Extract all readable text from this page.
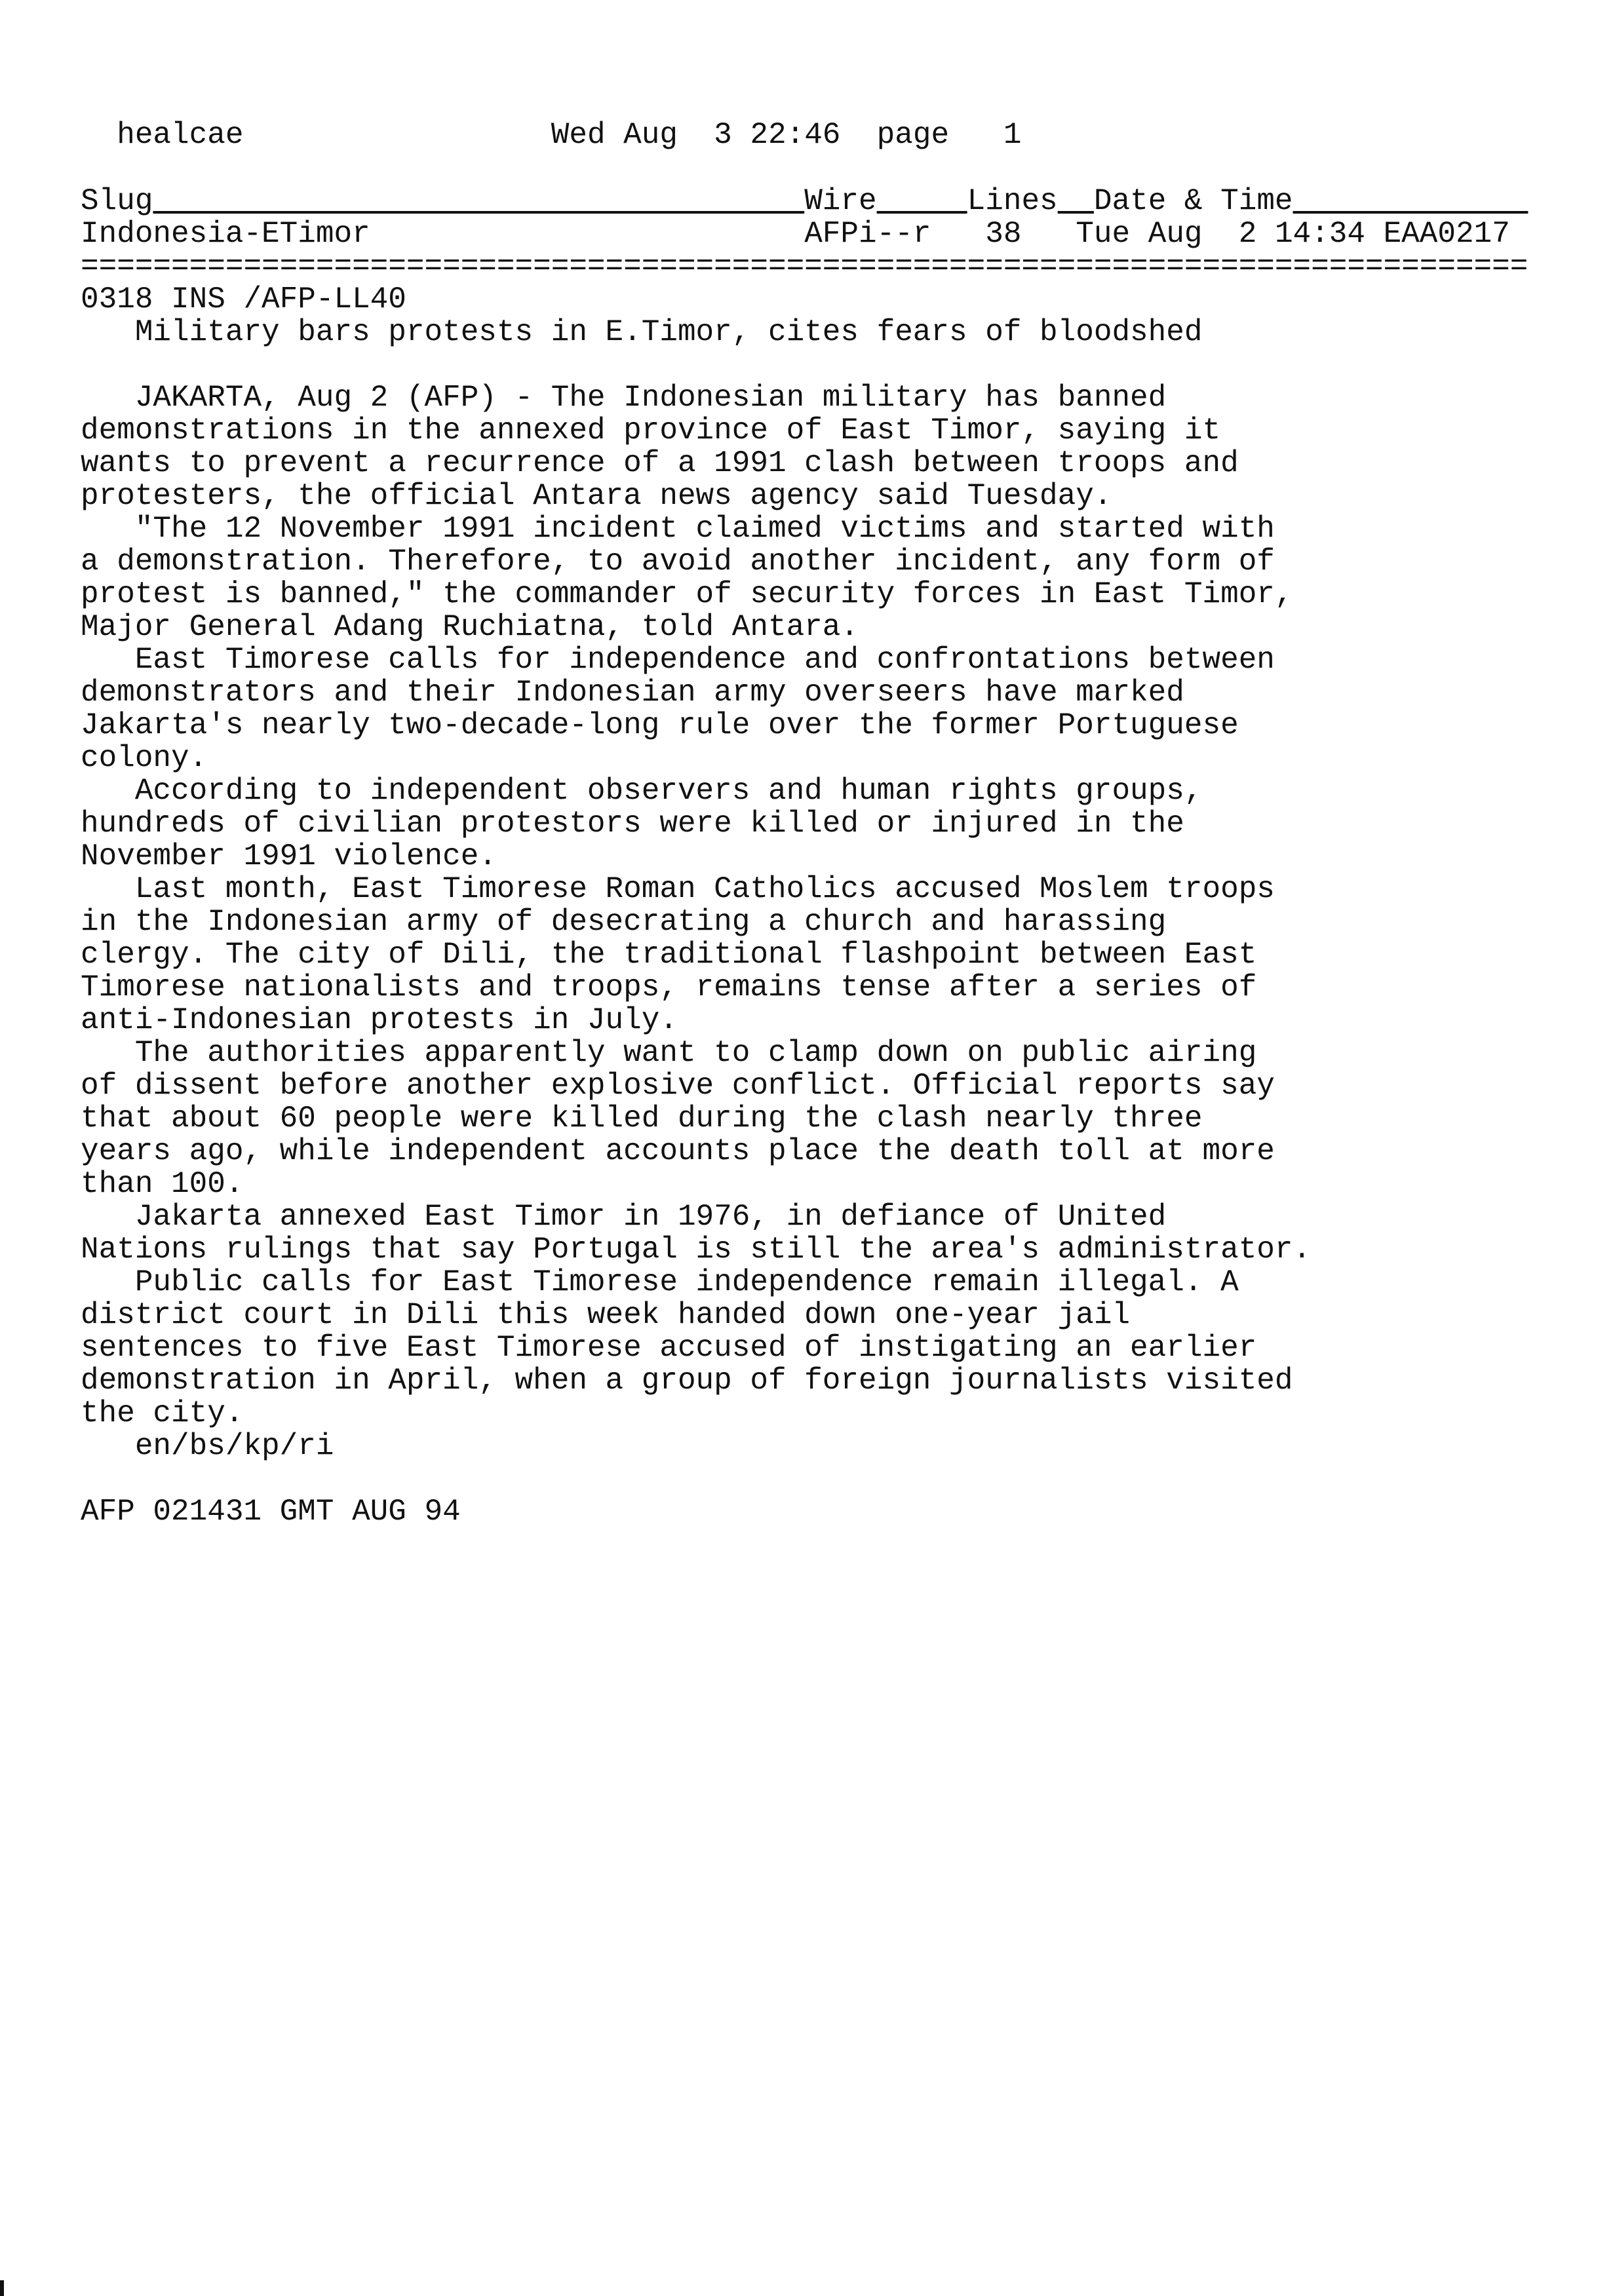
healcae	Wed Aug  3 22:46 page 1
Slug	Wire	Lines Date & Time
Indonesia-ETimor	AFPi--r 38 Tue Aug  2 14:34 EAA0217
================================================================================
0318 INS /AFP-LL40
Military bars protests in E.Timor, cites fears of bloodshed
JAKARTA, Aug 2 (AFP) - The Indonesian military has banned
demonstrations in the annexed province of East Timor, saying it
wants to prevent a recurrence of a 1991 clash between troops and
protesters, the official Antara news agency said Tuesday.
"The 12 November 1991 incident claimed victims and started with
a demonstration. Therefore, to avoid another incident, any form of
protest is banned," the commander of security forces in East Timor,
Major General Adang Ruchiatna, told Antara.
East Timorese calls for independence and confrontations between
demonstrators and their Indonesian army overseers have marked
Jakarta's nearly two-decade-long rule over the former Portuguese
colony.
According to independent observers and human rights groups,
hundreds of civilian protestors were killed or injured in the
November 1991 violence.
Last month, East Timorese Roman Catholics accused Moslem troops
in the Indonesian army of desecrating a church and harassing
clergy. The city of Dili, the traditional flashpoint between East
Timorese nationalists and troops, remains tense after a series of
anti-Indonesian protests in July.
The authorities apparently want to clamp down on public airing
of dissent before another explosive conflict. Official reports say
that about 60 people were killed during the clash nearly three
years ago, while independent accounts place the death toll at more
than 100.
Jakarta annexed East Timor in 1976, in defiance of United
Nations rulings that say Portugal is still the area's administrator.
Public calls for East Timorese independence remain illegal. A
district court in Dili this week handed down one-year jail
sentences to five East Timorese accused of instigating an earlier
demonstration in April, when a group of foreign journalists visited
the city.
en/bs/kp/ri
AFP 021431 GMT AUG 94
